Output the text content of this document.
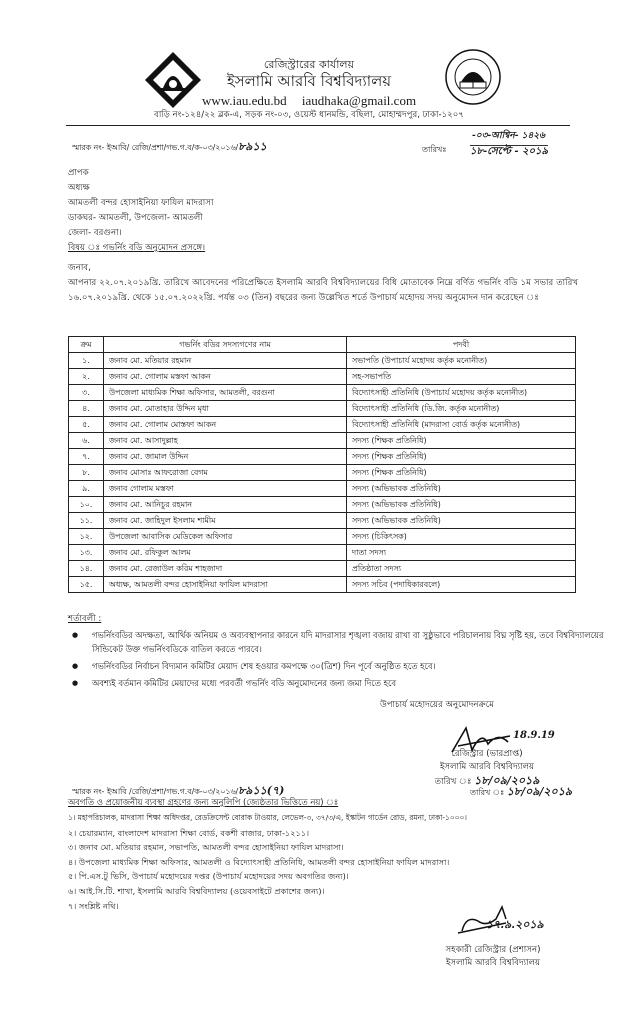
রেজিস্ট্রারের কার্যালয়
ইসলামি আরবি বিশ্ববিদ্যালয়
www.iau.edu.bd iaudhaka@gmail.com
বাড়ি নং-১২৪/২২ ব্লক-এ, সড়ক নং-০৩, ওয়েস্ট ধানমন্ডি, বছিলা, মোহাম্মদপুর, ঢাকা-১২০৭
স্মারক নং- ইআবি/ রেজি/প্রশা/গভ.গ.ব/ক-০৩/২০১৬/৮৯১১
-০৩-আশ্বিন- ১৪২৬
তারিখঃ ১৮-সেপ্টে - ২০১৯
প্রাপক
অধ্যক্ষ
আমতলী বন্দর হোসাইনিয়া ফাযিল মাদরাসা
ডাকঘর- আমতলী, উপজেলা- আমতলী
জেলা- বরগুনা।
বিষয় ঃ গভর্নিং বডি অনুমোদন প্রসঙ্গে।
জনাব,
আপনার ২২.০৭.২০১৯খ্রি. তারিখে আবেদনের পরিপ্রেক্ষিতে ইসলামি আরবি বিশ্ববিদ্যালয়ের বিধি মোতাবেক নিম্নে বর্ণিত গভর্নিং বডি ১ম সভার তারিখ ১৬.০৭.২০১৯খ্রি. থেকে ১৫.০৭.২০২২খ্রি. পর্যন্ত ০৩ (তিন) বছরের জন্য উল্লেখিত শর্তে উপাচার্য মহোদয় সদয় অনুমোদন দান করেছেন ঃ
ক্রম	গভর্নিং বডির সদস্যগণের নাম	পদবী
১.	জনাব মো. মতিয়ার রহমান	সভাপতি (উপাচার্য মহোদয় কর্তৃক মনোনীত)
২.	জনাব মো. গোলাম মস্তফা আকন	সহ-সভাপতি
৩.	উপজেলা মাধ্যমিক শিক্ষা অফিসার, আমতলী, বরগুনা	বিদ্যোৎসাহী প্রতিনিধি (উপাচার্য মহোদয় কর্তৃক মনোনীত)
৪.	জনাব মো. মোতাহার উদ্দিন মৃধা	বিদ্যোৎসাহী প্রতিনিধি (ডি.জি. কর্তৃক মনোনীত)
৫.	জনাব মো. গোলাম মোস্তফা আকন	বিদ্যোৎসাহী প্রতিনিধি (মাদরাসা বোর্ড কর্তৃক মনোনীত)
৬.	জনাব মো. আসাদুল্লাহ	সদস্য (শিক্ষক প্রতিনিধি)
৭.	জনাব মো. জামাল উদ্দিন	সদস্য (শিক্ষক প্রতিনিধি)
৮.	জনাব মোসাঃ আফরোজা বেগম	সদস্য (শিক্ষক প্রতিনিধি)
৯.	জনাব গোলাম মস্তফা	সদস্য (অভিভাবক প্রতিনিধি)
১০.	জনাব মো. আনিচুর রহমান	সদস্য (অভিভাবক প্রতিনিধি)
১১.	জনাব মো. জাহিদুল ইসলাম শামীম	সদস্য (অভিভাবক প্রতিনিধি)
১২.	উপজেলা আবাসিক মেডিকেল অফিসার	সদস্য (চিকিৎসক)
১৩.	জনাব মো. রফিকুল আলম	দাতা সদস্য
১৪.	জনাব মো. রেজাউল করিম শাহজাদা	প্রতিষ্ঠাতা সদস্য
১৫.	অধ্যক্ষ, আমতলী বন্দর হোসাইনিয়া ফাযিল মাদরাসা	সদস্য সচিব (পদাধিকারবলে)
শর্তাবলী :
● গভর্নিংবডির অদক্ষতা, আর্থিক অনিয়ম ও অব্যবস্থাপনার কারনে যদি মাদরাসার শৃঙ্খলা বজায় রাখা বা সুষ্ঠুভাবে পরিচালনায় বিঘ্ন সৃষ্টি হয়, তবে বিশ্ববিদ্যালয়ের সিন্ডিকেট উক্ত গভর্নিংবডিকে বাতিল করতে পারবে।
● গভর্নিংবডির নির্বাচন বিদ্যমান কমিটির মেয়াদ শেষ হওয়ার কমপক্ষে ৩০(ত্রিশ) দিন পূর্বে অনুষ্ঠিত হতে হবে।
● অবশ্যই বর্তমান কমিটির মেয়াদের মধ্যে পরবর্তী গভর্নিং বডি অনুমোদনের জন্য জমা দিতে হবে
উপাচার্য মহোদয়ের অনুমোদনক্রমে
18.9.19
রেজিস্ট্রার (ভারপ্রাপ্ত)
ইসলামি আরবি বিশ্ববিদ্যালয়
তারিখ ঃ ১৮/০৯/২০১৯
স্মারক নং- ইআবি /রেজি/প্রশা/গভ.গ.ব/ক-০৩/২০১৬/৮৯১১(৭)	তারিখ ঃ ১৮/০৯/২০১৯
অবগতি ও প্রয়োজনীয় ব্যবস্থা গ্রহণের জন্য অনুলিপি (জ্যেষ্ঠতার ভিত্তিতে নয়) ঃ
১। মহাপরিচালক, মাদরাসা শিক্ষা অধিদপ্তর, রেডক্রিসেন্ট বোরাক টাওয়ার, লেভেল-৩, ৩৭/৩/এ, ইস্কাটন গার্ডেন রোড, রমনা, ঢাকা-১০০০।
২। চেয়ারম্যান, বাংলাদেশ মাদরাসা শিক্ষা বোর্ড, বকশী বাজার, ঢাকা-১২১১।
৩। জনাব মো. মতিয়ার রহমান, সভাপতি, আমতলী বন্দর হোসাইনিয়া ফাযিল মাদরাসা।
৪। উপজেলা মাধ্যমিক শিক্ষা অফিসার, আমতলী ও বিদ্যোৎসাহী প্রতিনিধি, আমতলী বন্দর হোসাইনিয়া ফাযিল মাদরাসা।
৫। পি.এস.টু ভিসি, উপাচার্য মহোদয়ের দপ্তর (উপাচার্য মহোদয়ের সদয় অবগতির জন্য)।
৬। আই.সি.টি. শাখা, ইসলামি আরবি বিশ্ববিদ্যালয় (ওয়েবসাইটে প্রকাশের জন্য)।
৭। সংশ্লিষ্ট নথি।
১৭.৯.২০১৯
সহকারী রেজিস্ট্রার (প্রশাসন)
ইসলামি আরবি বিশ্ববিদ্যালয়
